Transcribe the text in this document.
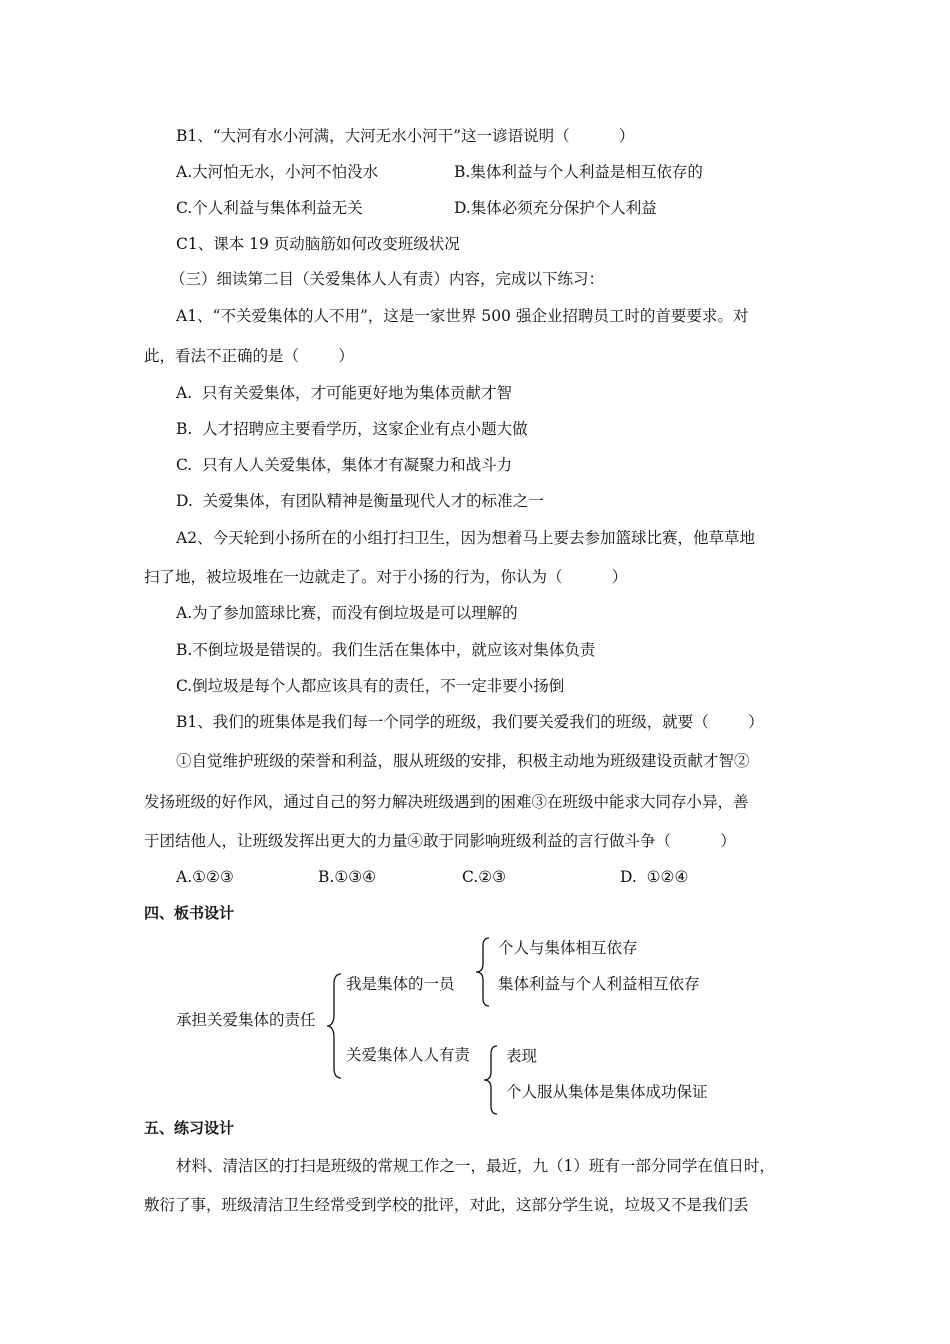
B1、“大河有水小河满，大河无水小河干”这一谚语说明（          ）
A.大河怕无水，小河不怕没水	B.集体利益与个人利益是相互依存的
C.个人利益与集体利益无关	D.集体必须充分保护个人利益
C1、课本 19 页动脑筋如何改变班级状况
（三）细读第二目（关爱集体人人有责）内容，完成以下练习：
A1、“不关爱集体的人不用”，这是一家世界 500 强企业招聘员工时的首要要求。对
此，看法不正确的是（        ）
A.  只有关爱集体，才可能更好地为集体贡献才智
B.  人才招聘应主要看学历，这家企业有点小题大做
C.  只有人人关爱集体，集体才有凝聚力和战斗力
D.  关爱集体，有团队精神是衡量现代人才的标准之一
A2、今天轮到小扬所在的小组打扫卫生，因为想着马上要去参加篮球比赛，他草草地
扫了地，被垃圾堆在一边就走了。对于小扬的行为，你认为（          ）
A.为了参加篮球比赛，而没有倒垃圾是可以理解的
B.不倒垃圾是错误的。我们生活在集体中，就应该对集体负责
C.倒垃圾是每个人都应该具有的责任，不一定非要小扬倒
B1、我们的班集体是我们每一个同学的班级，我们要关爱我们的班级，就要（        ）
①自觉维护班级的荣誉和利益，服从班级的安排，积极主动地为班级建设贡献才智②
发扬班级的好作风，通过自己的努力解决班级遇到的困难③在班级中能求大同存小异，善
于团结他人，让班级发挥出更大的力量④敢于同影响班级利益的言行做斗争（          ）
A.①②③	B.①③④	C.②③	D.  ①②④
四、板书设计
承担关爱集体的责任
我是集体的一员
个人与集体相互依存
集体利益与个人利益相互依存
关爱集体人人有责 表现
个人服从集体是集体成功保证
五、练习设计
材料、清洁区的打扫是班级的常规工作之一，最近，九（1）班有一部分同学在值日时，
敷衍了事，班级清洁卫生经常受到学校的批评，对此，这部分学生说，垃圾又不是我们丢
